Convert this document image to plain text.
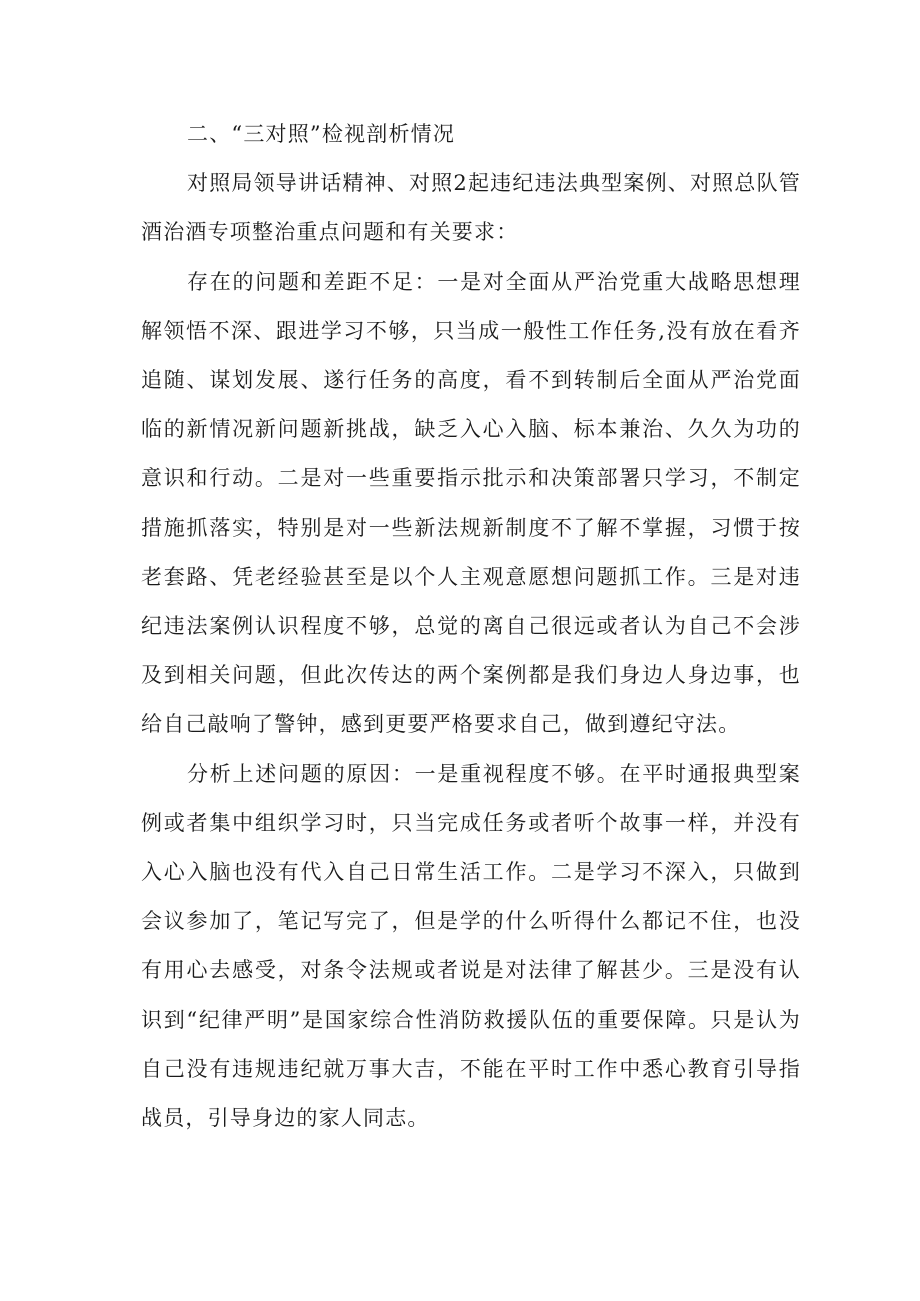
二、“三对照”检视剖析情况

对照局领导讲话精神、对照2起违纪违法典型案例、对照总队管酒治酒专项整治重点问题和有关要求：

存在的问题和差距不足：一是对全面从严治党重大战略思想理解领悟不深、跟进学习不够，只当成一般性工作任务,没有放在看齐追随、谋划发展、遂行任务的高度，看不到转制后全面从严治党面临的新情况新问题新挑战，缺乏入心入脑、标本兼治、久久为功的意识和行动。二是对一些重要指示批示和决策部署只学习，不制定措施抓落实，特别是对一些新法规新制度不了解不掌握，习惯于按老套路、凭老经验甚至是以个人主观意愿想问题抓工作。三是对违纪违法案例认识程度不够，总觉的离自己很远或者认为自己不会涉及到相关问题，但此次传达的两个案例都是我们身边人身边事，也给自己敲响了警钟，感到更要严格要求自己，做到遵纪守法。

分析上述问题的原因：一是重视程度不够。在平时通报典型案例或者集中组织学习时，只当完成任务或者听个故事一样，并没有入心入脑也没有代入自己日常生活工作。二是学习不深入，只做到会议参加了，笔记写完了，但是学的什么听得什么都记不住，也没有用心去感受，对条令法规或者说是对法律了解甚少。三是没有认识到“纪律严明”是国家综合性消防救援队伍的重要保障。只是认为自己没有违规违纪就万事大吉，不能在平时工作中悉心教育引导指战员，引导身边的家人同志。
